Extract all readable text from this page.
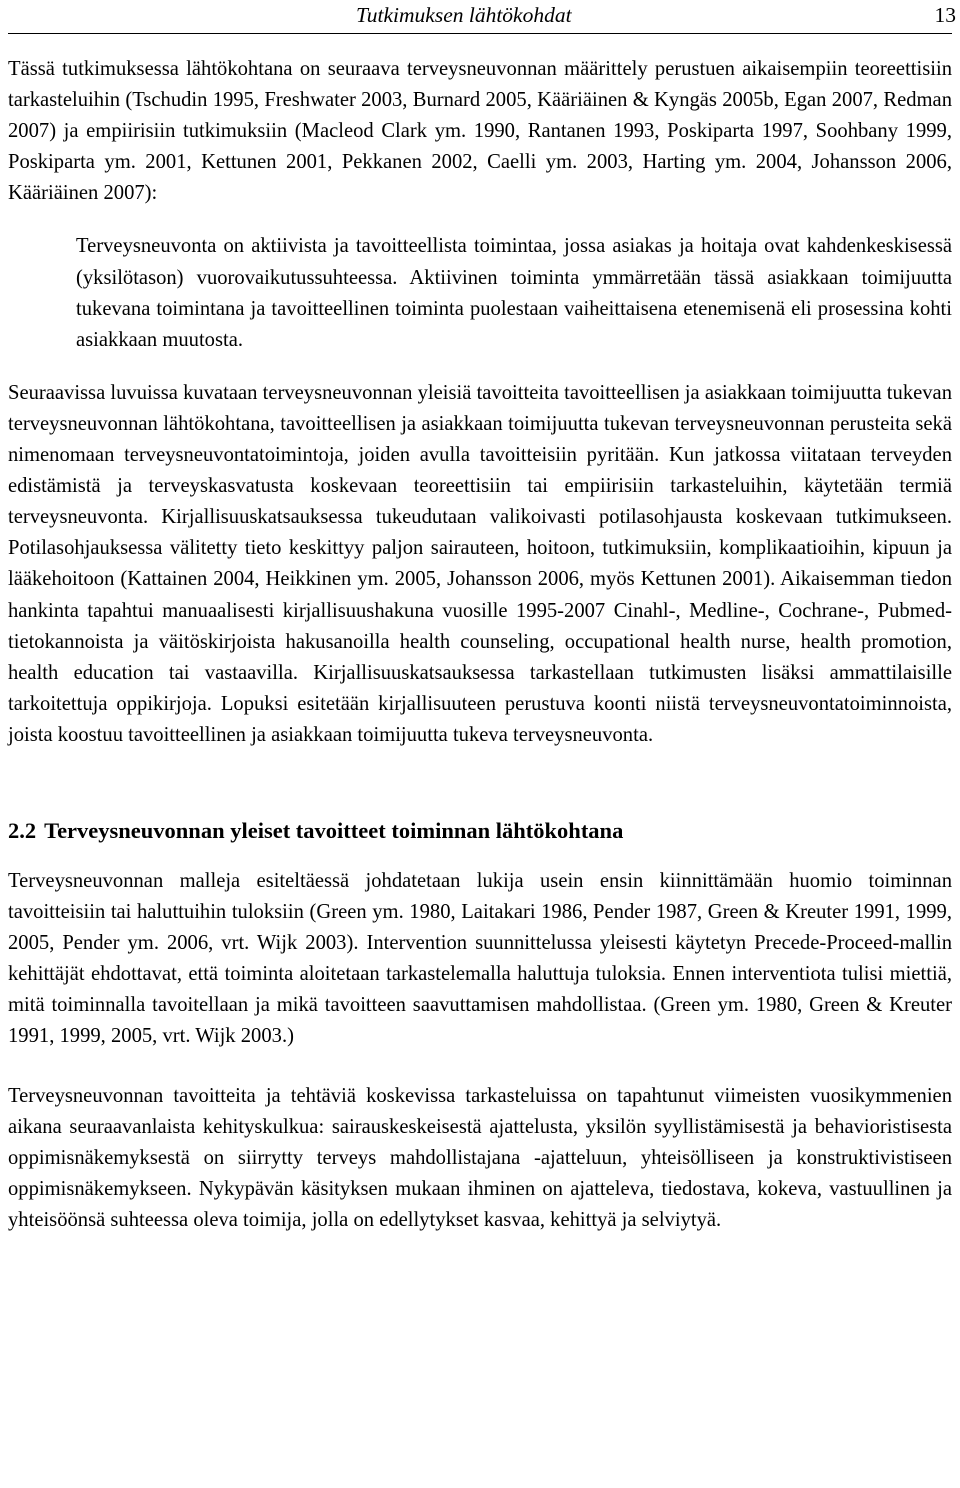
Tutkimuksen lähtökohdat	13

Tässä tutkimuksessa lähtökohtana on seuraava terveysneuvonnan määrittely perustuen aikaisempiin teoreettisiin tarkasteluihin (Tschudin 1995, Freshwater 2003, Burnard 2005, Kääriäinen & Kyngäs 2005b, Egan 2007, Redman 2007) ja empiirisiin tutkimuksiin (Macleod Clark ym. 1990, Rantanen 1993, Poskiparta 1997, Soohbany 1999, Poskiparta ym. 2001, Kettunen 2001, Pekkanen 2002, Caelli ym. 2003, Harting ym. 2004, Johansson 2006, Kääriäinen 2007):

Terveysneuvonta on aktiivista ja tavoitteellista toimintaa, jossa asiakas ja hoitaja ovat kahdenkeskisessä (yksilötason) vuorovaikutussuhteessa. Aktiivinen toiminta ymmärretään tässä asiakkaan toimijuutta tukevana toimintana ja tavoitteellinen toiminta puolestaan vaiheittaisena etenemisenä eli prosessina kohti asiakkaan muutosta.

Seuraavissa luvuissa kuvataan terveysneuvonnan yleisiä tavoitteita tavoitteellisen ja asiakkaan toimijuutta tukevan terveysneuvonnan lähtökohtana, tavoitteellisen ja asiakkaan toimijuutta tukevan terveysneuvonnan perusteita sekä nimenomaan terveysneuvontatoimintoja, joiden avulla tavoitteisiin pyritään. Kun jatkossa viitataan terveyden edistämistä ja terveyskasvatusta koskevaan teoreettisiin tai empiirisiin tarkasteluihin, käytetään termiä terveysneuvonta. Kirjallisuuskatsauksessa tukeudutaan valikoivasti potilasohjausta koskevaan tutkimukseen. Potilasohjauksessa välitetty tieto keskittyy paljon sairauteen, hoitoon, tutkimuksiin, komplikaatioihin, kipuun ja lääkehoitoon (Kattainen 2004, Heikkinen ym. 2005, Johansson 2006, myös Kettunen 2001). Aikaisemman tiedon hankinta tapahtui manuaalisesti kirjallisuushakuna vuosille 1995-2007 Cinahl-, Medline-, Cochrane-, Pubmed-tietokannoista ja väitöskirjoista hakusanoilla health counseling, occupational health nurse, health promotion, health education tai vastaavilla. Kirjallisuuskatsauksessa tarkastellaan tutkimusten lisäksi ammattilaisille tarkoitettuja oppikirjoja. Lopuksi esitetään kirjallisuuteen perustuva koonti niistä terveysneuvontatoiminnoista, joista koostuu tavoitteellinen ja asiakkaan toimijuutta tukeva terveysneuvonta.

2.2 Terveysneuvonnan yleiset tavoitteet toiminnan lähtökohtana

Terveysneuvonnan malleja esiteltäessä johdatetaan lukija usein ensin kiinnittämään huomio toiminnan tavoitteisiin tai haluttuihin tuloksiin (Green ym. 1980, Laitakari 1986, Pender 1987, Green & Kreuter 1991, 1999, 2005, Pender ym. 2006, vrt. Wijk 2003). Intervention suunnittelussa yleisesti käytetyn Precede-Proceed-mallin kehittäjät ehdottavat, että toiminta aloitetaan tarkastelemalla haluttuja tuloksia. Ennen interventiota tulisi miettiä, mitä toiminnalla tavoitellaan ja mikä tavoitteen saavuttamisen mahdollistaa. (Green ym. 1980, Green & Kreuter 1991, 1999, 2005, vrt. Wijk 2003.)

Terveysneuvonnan tavoitteita ja tehtäviä koskevissa tarkasteluissa on tapahtunut viimeisten vuosikymmenien aikana seuraavanlaista kehityskulkua: sairauskeskeisestä ajattelusta, yksilön syyllistämisestä ja behavioristisesta oppimisnäkemyksestä on siirrytty terveys mahdollistajana -ajatteluun, yhteisölliseen ja konstruktivistiseen oppimisnäkemykseen. Nykypävän käsityksen mukaan ihminen on ajatteleva, tiedostava, kokeva, vastuullinen ja yhteisöönsä suhteessa oleva toimija, jolla on edellytykset kasvaa, kehittyä ja selviytyä.
